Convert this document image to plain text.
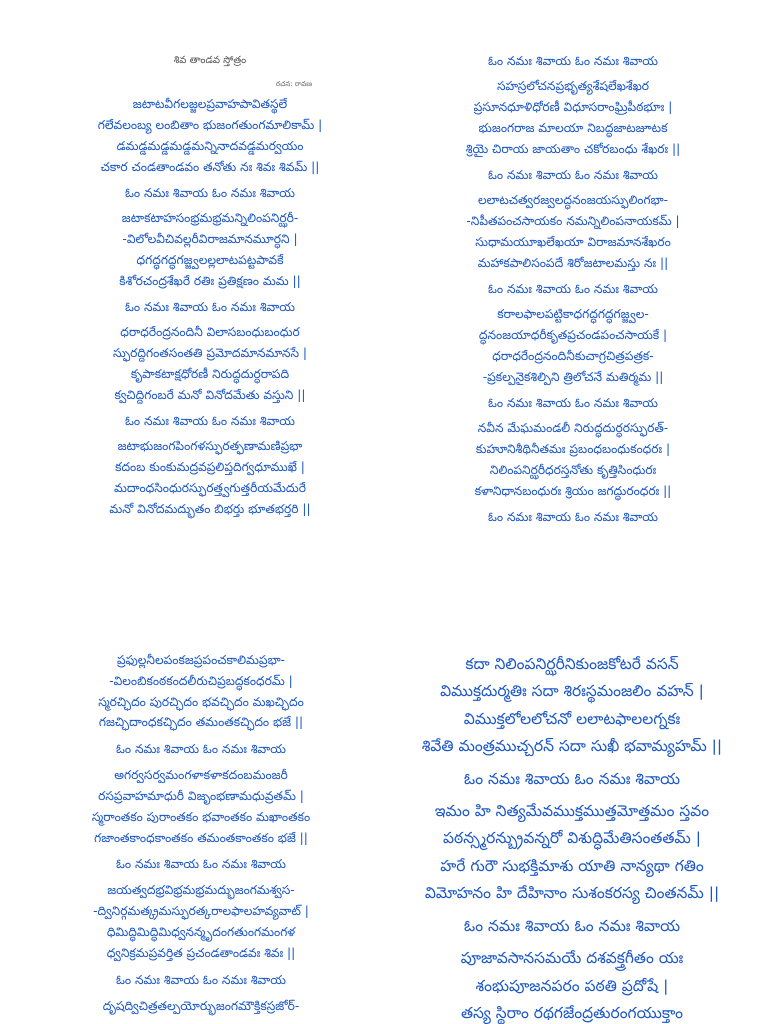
శివ తాండవ స్తోత్రం
రచన: రావణ
జటాటవీగలజ్జలప్రవాహపావితస్థలే
గలేవలంబ్య లంబితాం భుజంగతుంగమాలికామ్ |
డమడ్డమడ్డమడ్డమన్నినాదవడ్డమర్వయం
చకార చండతాండవం తనోతు నః శివః శివమ్ ||
ఓం నమః శివాయ ఓం నమః శివాయ
జటాకటాహసంభ్రమభ్రమన్నిలింపనిర్ఝరీ-
-విలోలవీచివల్లరీవిరాజమానమూర్ధని |
ధగద్ధగద్ధగజ్జ్వలల్లలాటపట్టపావకే
కిశోరచంద్రశేఖరే రతిః ప్రతిక్షణం మమ ||
ఓం నమః శివాయ ఓం నమః శివాయ
ధరాధరేంద్రనందినీ విలాసబంధుబంధుర
స్ఫురద్దిగంతసంతతి ప్రమోదమానమానసే |
కృపాకటాక్షధోరణీ నిరుద్ధదుర్ధరాపది
క్వచిద్దిగంబరే మనో వినోదమేతు వస్తుని ||
ఓం నమః శివాయ ఓం నమః శివాయ
జటాభుజంగపింగళస్ఫురత్ఫణామణిప్రభా
కదంబ కుంకుమద్రవప్రలిప్తదిగ్వధూముఖే |
మదాంధసింధురస్ఫురత్త్వగుత్తరీయమేదురే
మనో వినోదమద్భుతం బిభర్తు భూతభర్తరి ||
ఓం నమః శివాయ ఓం నమః శివాయ
సహస్రలోచనప్రభృత్యశేషలేఖశేఖర
ప్రసూనధూళిధోరణీ విధూసరాంఘ్రిపీఠభూః |
భుజంగరాజ మాలయా నిబద్ధజాటజూటక
శ్రియై చిరాయ జాయతాం చకోరబంధు శేఖరః ||
ఓం నమః శివాయ ఓం నమః శివాయ
లలాటచత్వరజ్వలద్ధనంజయస్ఫులింగభా-
-నిపీతపంచసాయకం నమన్నిలింపనాయకమ్ |
సుధామయూఖలేఖయా విరాజమానశేఖరం
మహాకపాలిసంపదే శిరోజటాలమస్తు నః ||
ఓం నమః శివాయ ఓం నమః శివాయ
కరాలఫాలపట్టికాధగద్ధగద్ధగజ్జ్వల-
ద్ధనంజయాధరీకృతప్రచండపంచసాయకే |
ధరాధరేంద్రనందినీకుచాగ్రచిత్రపత్రక-
-ప్రకల్పనైకశిల్పిని త్రిలోచనే మతిర్మమ ||
ఓం నమః శివాయ ఓం నమః శివాయ
నవీన మేఘమండలీ నిరుద్ధదుర్ధరస్ఫురత్-
కుహూనిశీథినీతమః ప్రబంధబంధుకంధరః |
నిలింపనిర్ఝరీధరస్తనోతు కృత్తిసింధురః
కళానిధానబంధురః శ్రియం జగద్ధురంధరః ||
ఓం నమః శివాయ ఓం నమః శివాయ
ప్రఫుల్లనీలపంకజప్రపంచకాలిమప్రభా-
-విలంబికంఠకందలీరుచిప్రబద్ధకంధరమ్ |
స్మరచ్ఛిదం పురచ్ఛిదం భవచ్ఛిదం మఖచ్ఛిదం
గజచ్ఛిదాంధకచ్ఛిదం తమంతకచ్ఛిదం భజే ||
ఓం నమః శివాయ ఓం నమః శివాయ
అగర్వసర్వమంగళాకళాకదంబమంజరీ
రసప్రవాహమాధురీ విజృంభణామధువ్రతమ్ |
స్మరాంతకం పురాంతకం భవాంతకం మఖాంతకం
గజాంతకాంధకాంతకం తమంతకాంతకం భజే ||
ఓం నమః శివాయ ఓం నమః శివాయ
జయత్వదభ్రవిభ్రమభ్రమద్భుజంగమశ్వస-
-ద్వినిర్గమత్క్రమస్ఫురత్కరాలఫాలహవ్యవాట్ |
ధిమిద్ధిమిద్ధిమిధ్వనన్మృదంగతుంగమంగళ
ధ్వనిక్రమప్రవర్తిత ప్రచండతాండవః శివః ||
ఓం నమః శివాయ ఓం నమః శివాయ
దృషద్విచిత్రతల్పయోర్భుజంగమౌక్తికస్రజోర్-
కదా నిలింపనిర్ఝరీనికుంజకోటరే వసన్
విముక్తదుర్మతిః సదా శిరఃస్థమంజలిం వహన్ |
విముక్తలోలలోచనో లలాటఫాలలగ్నకః
శివేతి మంత్రముచ్చరన్ సదా సుఖీ భవామ్యహమ్ ||
ఓం నమః శివాయ ఓం నమః శివాయ
ఇమం హి నిత్యమేవముక్తముత్తమోత్తమం స్తవం
పఠన్స్మరన్బ్రువన్నరో విశుద్ధిమేతిసంతతమ్ |
హరే గురౌ సుభక్తిమాశు యాతి నాన్యథా గతిం
విమోహనం హి దేహినాం సుశంకరస్య చింతనమ్ ||
ఓం నమః శివాయ ఓం నమః శివాయ
పూజావసానసమయే దశవక్త్రగీతం యః
శంభుపూజనపరం పఠతి ప్రదోషే |
తస్య స్థిరాం రథగజేంద్రతురంగయుక్తాం
